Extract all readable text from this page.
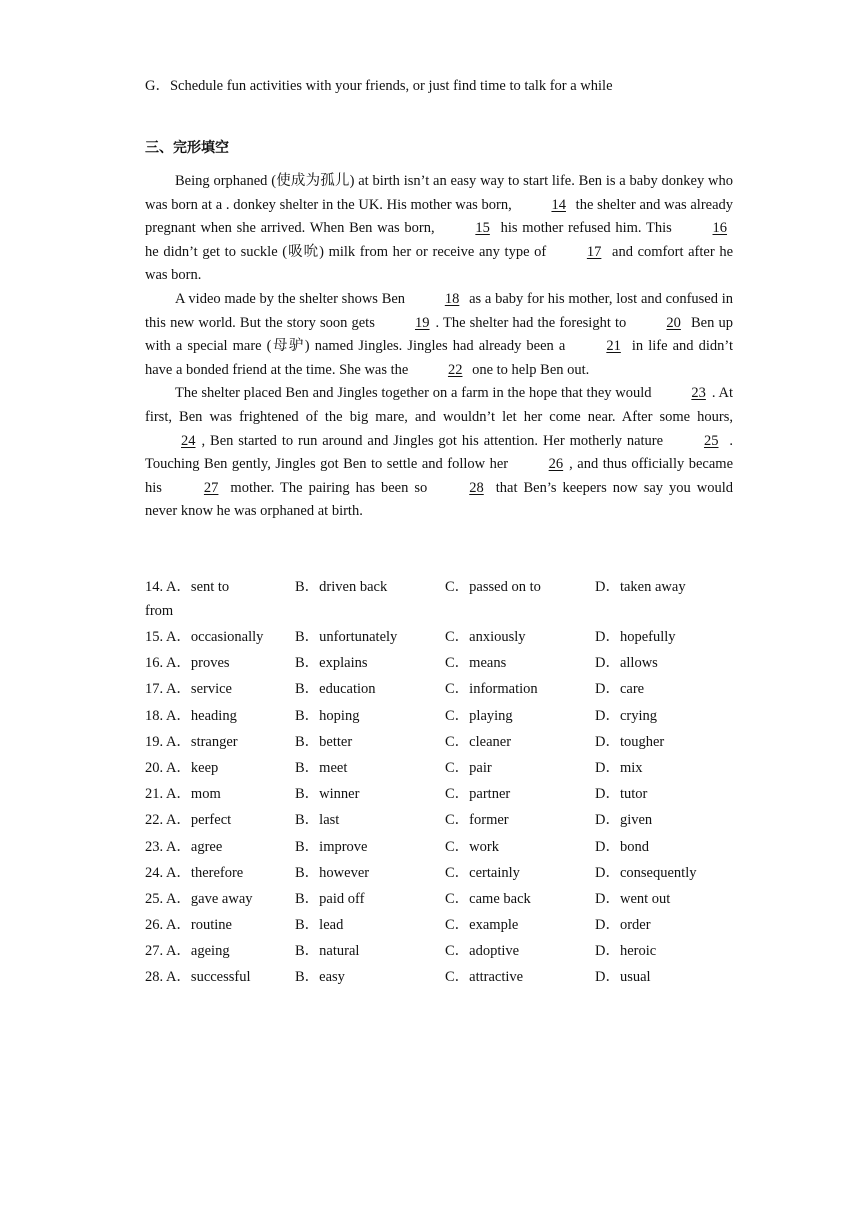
G．Schedule fun activities with your friends, or just find time to talk for a while
三、完形填空

Being orphaned (使成为孤儿) at birth isn’t an easy way to start life. Ben is a baby donkey who was born at a . donkey shelter in the UK. His mother was born,	14 the shelter and was already pregnant when she arrived. When Ben was born,	15 his mother refused him. This	16 he didn’t get to suckle (吸吮) milk from her or receive any type of	17 and comfort after he was born.

A video made by the shelter shows Ben	18 as a baby for his mother, lost and confused in this new world. But the story soon gets	19 . The shelter had the foresight to	20 Ben up with a special mare (母驴) named Jingles. Jingles had already been a	21 in life and didn’t have a bonded friend at the time. She was the	22 one to help Ben out.

The shelter placed Ben and Jingles together on a farm in the hope that they would	23 . At first, Ben was frightened of the big mare, and wouldn’t let her come near. After some hours, 24 , Ben started to run around and Jingles got his attention. Her motherly nature	25 . Touching Ben gently, Jingles got Ben to settle and follow her	26 , and thus officially became his	27 mother. The pairing has been so	28 that Ben’s keepers now say you would never know he was orphaned at birth.

14. A．sent to	B．driven back	C．passed on to	D．taken away
from
15. A．occasionally B．unfortunately	C．anxiously	D．hopefully
16. A．proves	B．explains	C．means	D．allows
17. A．service	B．education	C．information	D．care
18. A．heading	B．hoping	C．playing	D．crying
19. A．stranger	B．better	C．cleaner	D．tougher
20. A．keep	B．meet	C．pair	D．mix
21. A．mom	B．winner	C．partner	D．tutor
22. A．perfect	B．last	C．former	D．given
23. A．agree	B．improve	C．work	D．bond
24. A．therefore	B．however	C．certainly	D．consequently
25. A．gave away	B．paid off	C．came back	D．went out
26. A．routine	B．lead	C．example	D．order
27. A．ageing	B．natural	C．adoptive	D．heroic
28. A．successful	B．easy	C．attractive	D．usual
